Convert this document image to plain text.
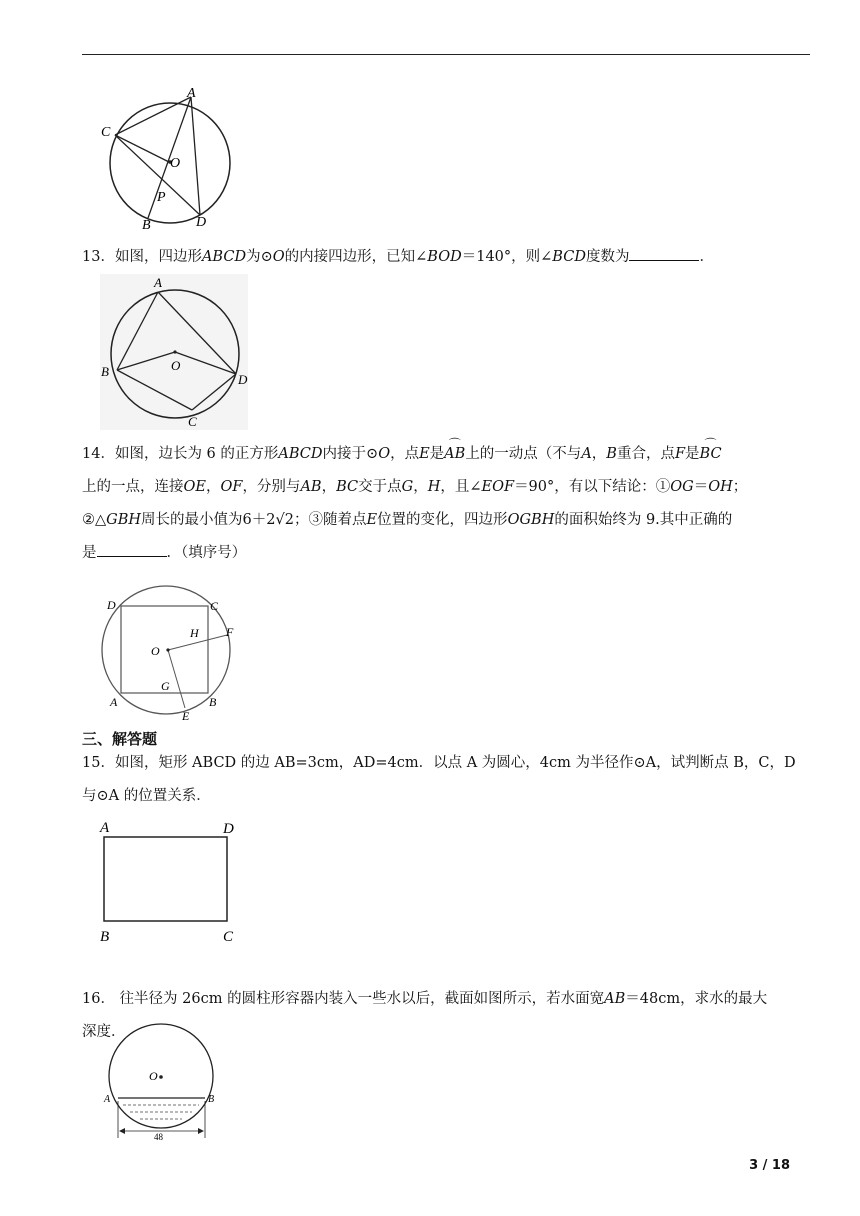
A
C
O
P
B	D
13．如图，四边形ABCD为⊙O的内接四边形，已知∠BOD＝140°，则∠BCD度数为	．
A
B	O
D
C
14．如图，边长为 6 的正方形ABCD内接于⊙O，点E是⌒ AB上的一动点（不与A，B重合，点F是⌒ BC
上的一点，连接OE，OF，分别与AB，BC交于点G，H，且∠EOF＝90°，有以下结论：①OG＝OH；
②△GBH周长的最小值为6＋2√2；③随着点E位置的变化，四边形OGBH的面积始终为 9.其中正确的
是	．（填序号）
D	C
H F
O
G
A	B
E
三、解答题
15．如图，矩形 ABCD 的边 AB=3cm，AD=4cm．以点 A 为圆心，4cm 为半径作⊙A，试判断点 B，C，D
与⊙A 的位置关系．
A	D
B	C
16． 往半径为 26cm 的圆柱形容器内装入一些水以后，截面如图所示，若水面宽AB＝48cm，求水的最大
深度．
O
A	B
48
3 / 18
